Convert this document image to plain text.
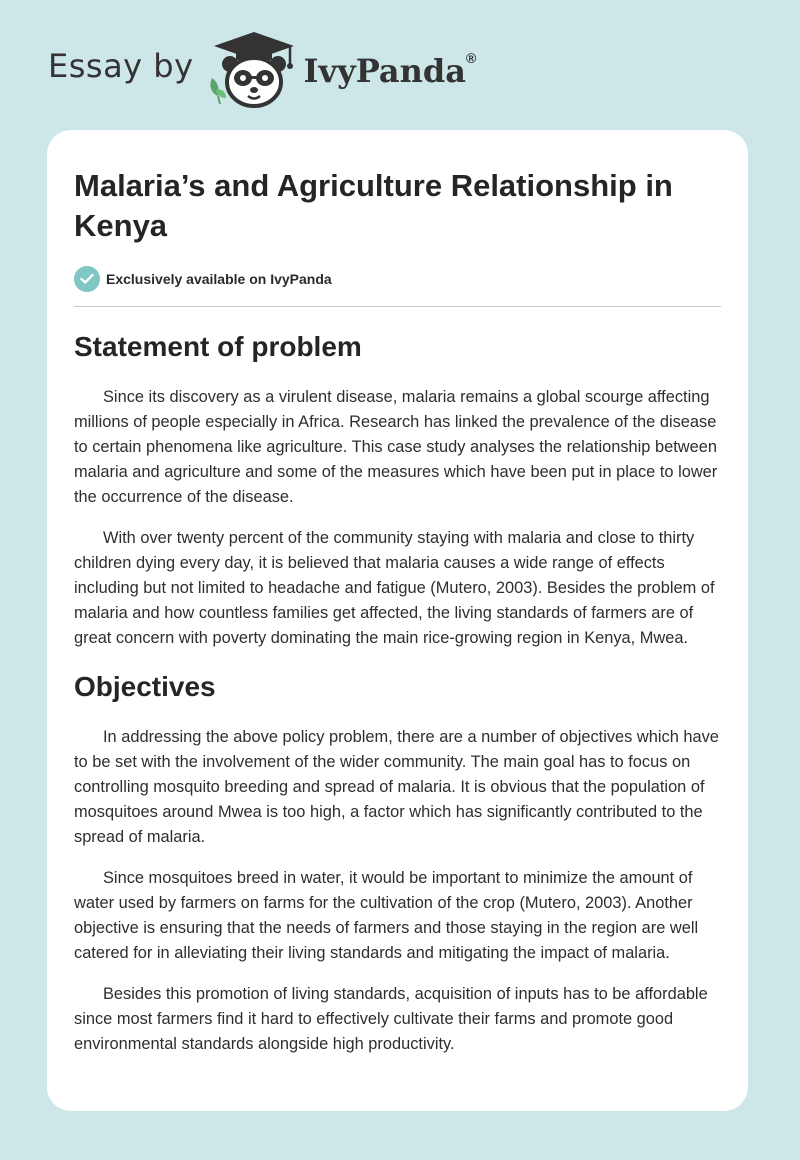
Essay by	IvyPanda®
Malaria’s and Agriculture Relationship in Kenya
Exclusively available on IvyPanda
Statement of problem

Since its discovery as a virulent disease, malaria remains a global scourge affecting millions of people especially in Africa. Research has linked the prevalence of the disease to certain phenomena like agriculture. This case study analyses the relationship between malaria and agriculture and some of the measures which have been put in place to lower the occurrence of the disease.

With over twenty percent of the community staying with malaria and close to thirty children dying every day, it is believed that malaria causes a wide range of effects including but not limited to headache and fatigue (Mutero, 2003). Besides the problem of malaria and how countless families get affected, the living standards of farmers are of great concern with poverty dominating the main rice-growing region in Kenya, Mwea.

Objectives

In addressing the above policy problem, there are a number of objectives which have to be set with the involvement of the wider community. The main goal has to focus on controlling mosquito breeding and spread of malaria. It is obvious that the population of mosquitoes around Mwea is too high, a factor which has significantly contributed to the spread of malaria.

Since mosquitoes breed in water, it would be important to minimize the amount of water used by farmers on farms for the cultivation of the crop (Mutero, 2003). Another objective is ensuring that the needs of farmers and those staying in the region are well catered for in alleviating their living standards and mitigating the impact of malaria.

Besides this promotion of living standards, acquisition of inputs has to be affordable since most farmers find it hard to effectively cultivate their farms and promote good environmental standards alongside high productivity.
